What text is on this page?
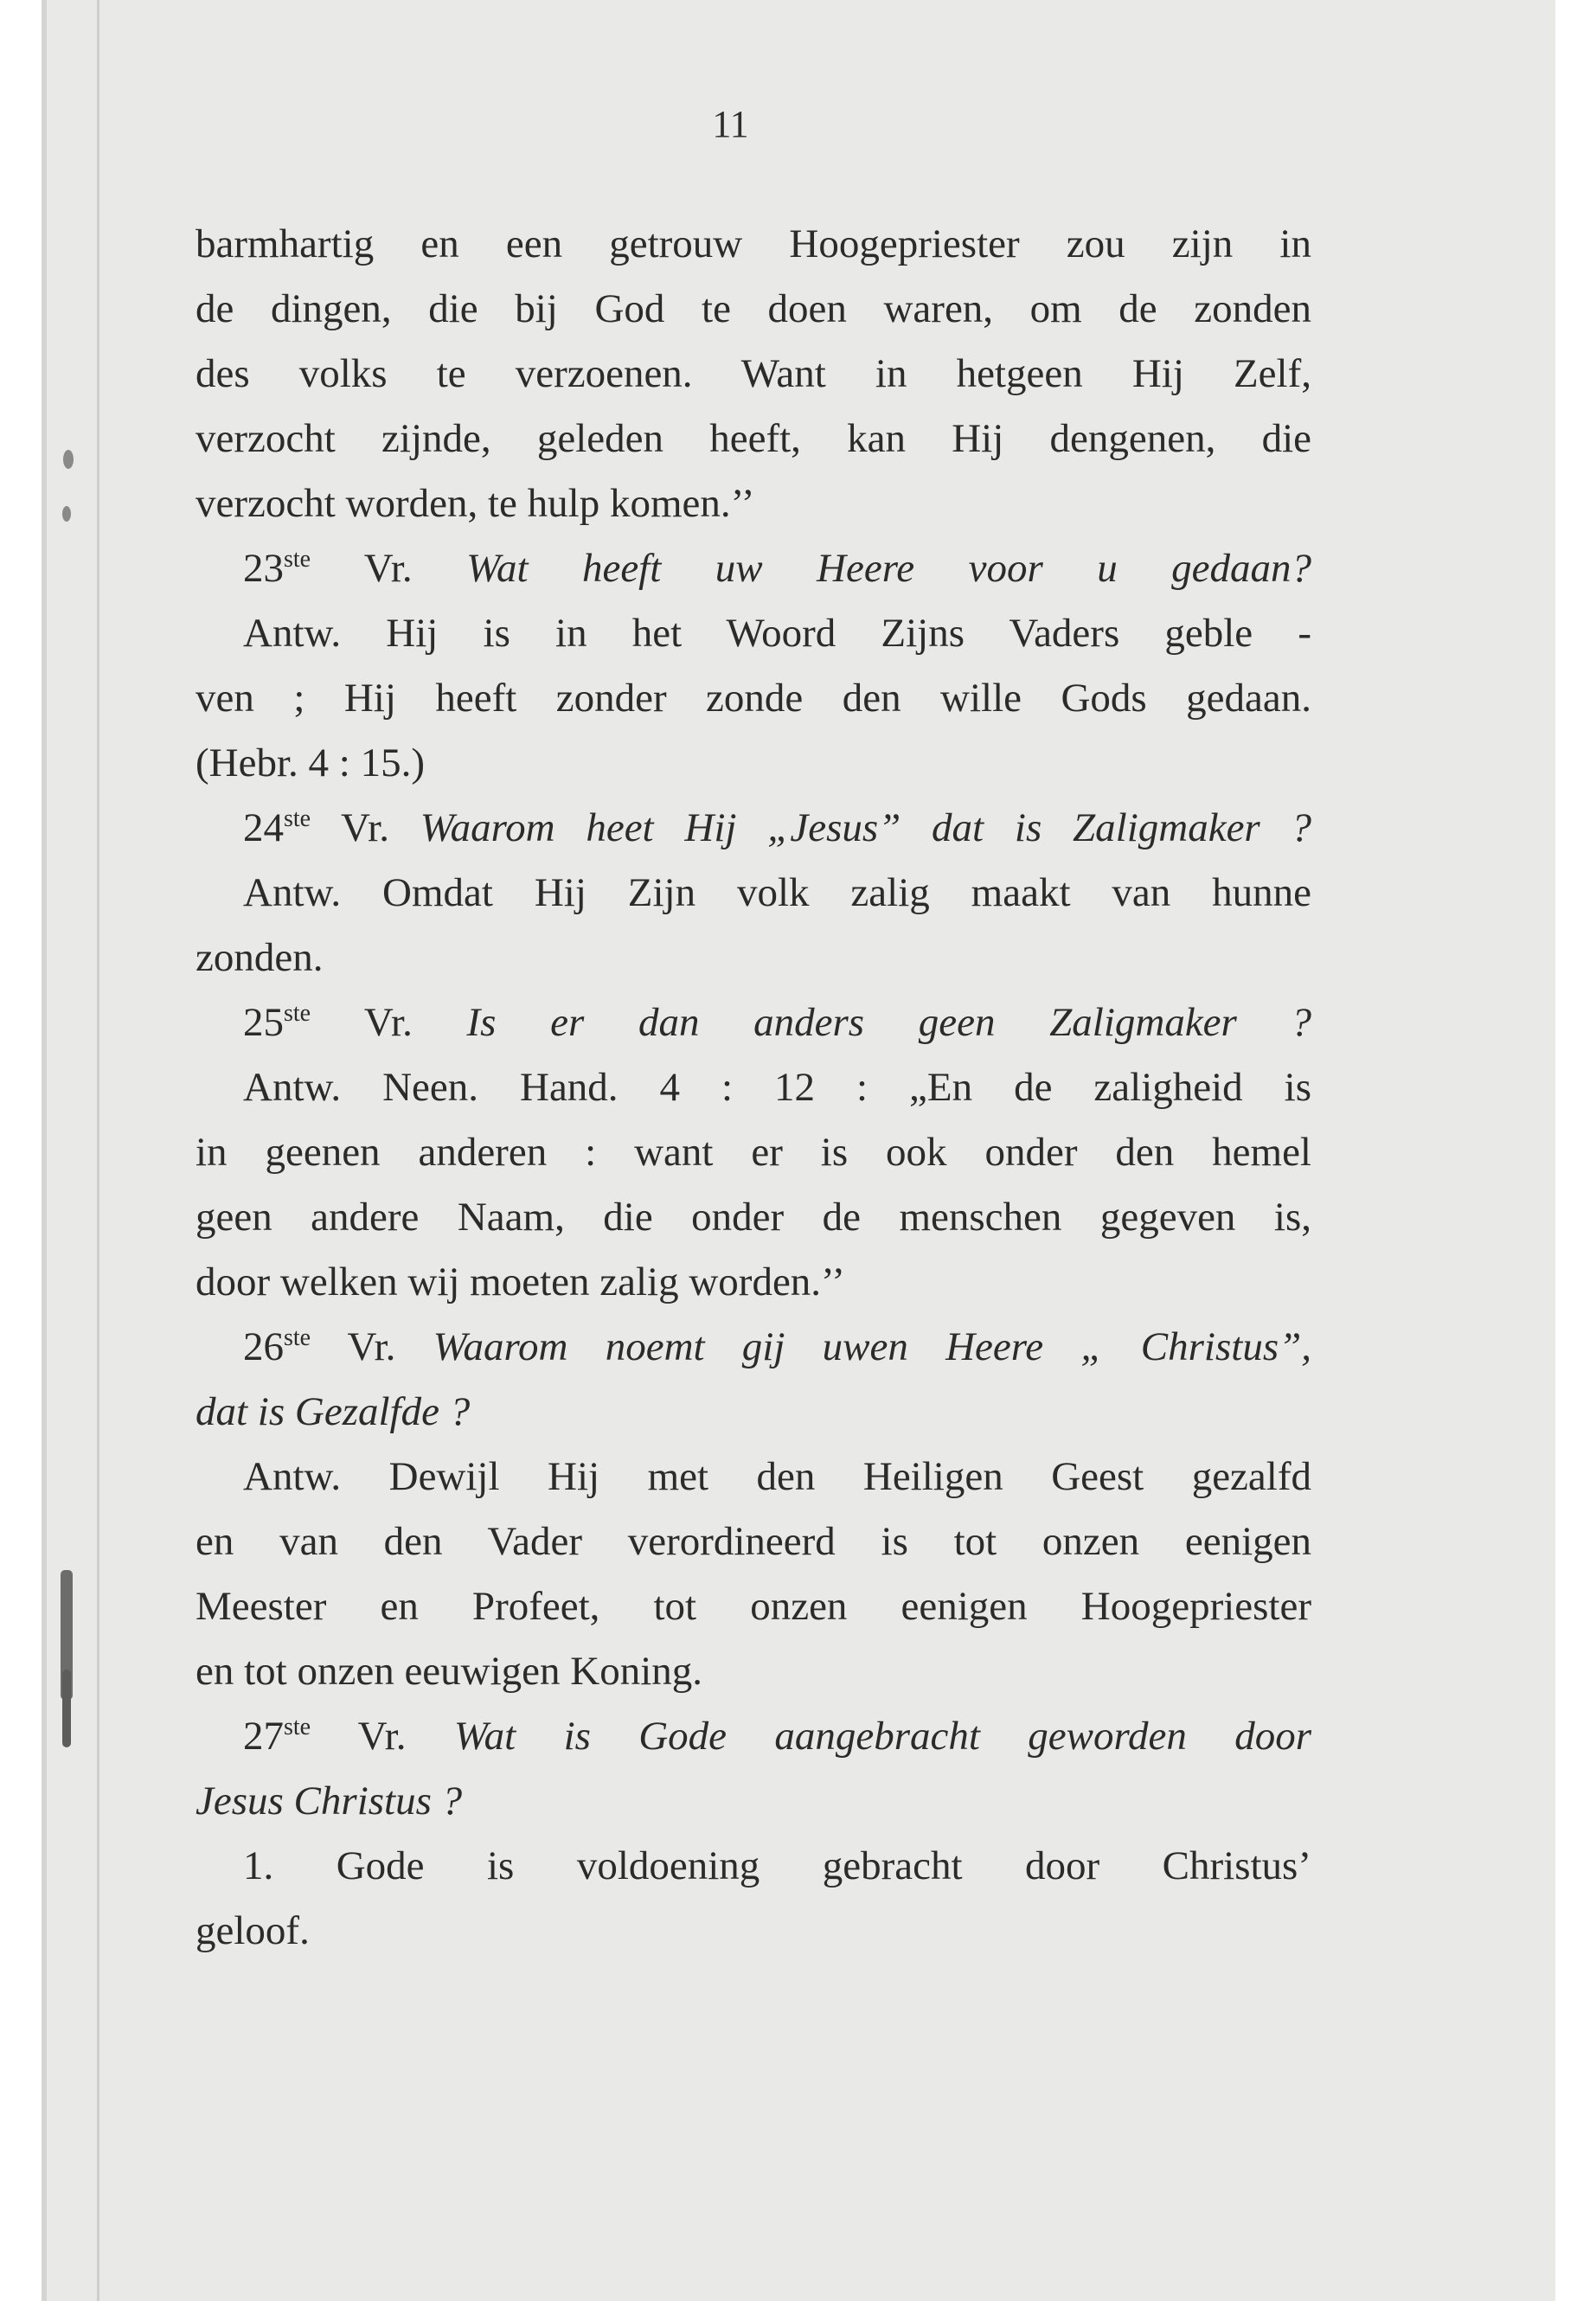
11
barmhartig en een getrouw Hoogepriester zou zijn in
de dingen, die bij God te doen waren, om de zonden
des volks te verzoenen. Want in hetgeen Hij Zelf,
verzocht zijnde, geleden heeft, kan Hij dengenen, die
verzocht worden, te hulp komen.’’
23ste Vr. Wat heeft uw Heere voor u gedaan?
Antw. Hij is in het Woord Zijns Vaders geble -
ven ; Hij heeft zonder zonde den wille Gods gedaan.
(Hebr. 4 : 15.)
24ste Vr. Waarom heet Hij „Jesus” dat is Zaligmaker ?
Antw. Omdat Hij Zijn volk zalig maakt van hunne
zonden.
25ste Vr. Is er dan anders geen Zaligmaker ?
Antw. Neen. Hand. 4 : 12 : „En de zaligheid is
in geenen anderen : want er is ook onder den hemel
geen andere Naam, die onder de menschen gegeven is,
door welken wij moeten zalig worden.’’
26ste Vr. Waarom noemt gij uwen Heere „ Christus”,
dat is Gezalfde ?
Antw. Dewijl Hij met den Heiligen Geest gezalfd
en van den Vader verordineerd is tot onzen eenigen
Meester en Profeet, tot onzen eenigen Hoogepriester
en tot onzen eeuwigen Koning.
27ste Vr. Wat is Gode aangebracht geworden door
Jesus Christus ?
1. Gode is voldoening gebracht door Christus’
geloof.
